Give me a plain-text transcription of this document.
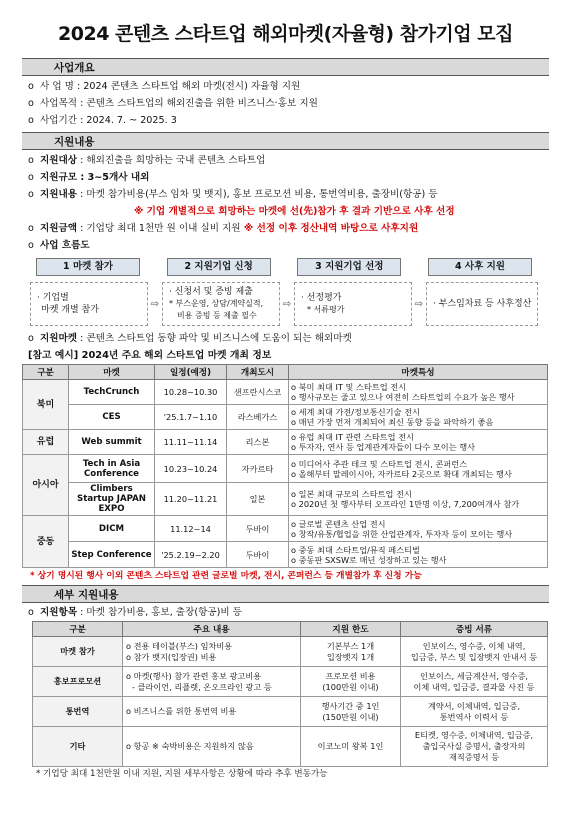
2024 콘텐츠 스타트업 해외마켓(자율형) 참가기업 모집
사업개요
o 사 업 명 : 2024 콘텐츠 스타트업 해외 마켓(전시) 자율형 지원
o 사업목적 : 콘텐츠 스타트업의 해외진출을 위한 비즈니스·홍보 지원
o 사업기간 : 2024. 7. ~ 2025. 3
지원내용
o 지원대상 : 해외진출을 희망하는 국내 콘텐츠 스타트업
o 지원규모 : 3~5개사 내외
o 지원내용 : 마켓 참가비용(부스 임차 및 뱃지), 홍보 프로모션 비용, 통번역비용, 출장비(항공) 등
※ 기업 개별적으로 희망하는 마켓에 선(先)참가 후 결과 기반으로 사후 선정
o 지원금액 : 기업당 최대 1천만 원 이내 실비 지원 ※ 선정 이후 정산내역 바탕으로 사후지원
o 사업 흐름도
1 마켓 참가	2 지원기업 신청	3 지원기업 선정	4 사후 지원
· 기업별
마켓 개별 참가
⇨
· 신청서 및 증빙 제출
* 부스운영, 상담/계약실적,
비용 증빙 등 제출 필수
⇨
· 선정평가
* 서류평가	⇨	· 부스임차료 등 사후정산
o 지원마켓 : 콘텐츠 스타트업 동향 파악 및 비즈니스에 도움이 되는 해외마켓
[참고 예시] 2024년 주요 해외 스타트업 마켓 개최 정보
구분	마켓	일정(예정)	개최도시	마켓특성
북미	TechCrunch	10.28~10.30	샌프란시스코	o 북미 최대 IT 및 스타트업 전시
o 행사규모는 줄고 있으나 여전히 스타트업의 수요가 높은 행사
	CES	'25.1.7~1.10	라스베가스	o 세계 최대 가전/정보통신기술 전시
o 매년 가장 먼저 개최되어 최신 동향 등을 파악하기 좋음
유럽	Web summit	11.11~11.14	리스본	o 유럽 최대 IT 관련 스타트업 전시
o 투자자, 연사 등 업계관계자들이 다수 모이는 행사
아시아	Tech in Asia Conference	10.23~10.24	자카르타	o 미디어사 주관 테크 및 스타트업 전시, 콘퍼런스
o 올해부터 말레이시아, 자카르타 2곳으로 확대 개최되는 행사
	Climbers Startup JAPAN EXPO	11.20~11.21	일본	o 일본 최대 규모의 스타트업 전시
o 2020년 첫 행사부터 오프라인 1만명 이상, 7,200여개사 참가
중동	DICM	11.12~14	두바이	o 글로벌 콘텐츠 산업 전시
o 창작/유통/협업을 위한 산업관계자, 투자자 등이 모이는 행사
	Step Conference	'25.2.19~2.20	두바이	o 중동 최대 스타트업/뮤직 페스티벌
o 중동판 SXSW로 매년 성장하고 있는 행사
* 상기 명시된 행사 이외 콘텐츠 스타트업 관련 글로벌 마켓, 전시, 콘퍼런스 등 개별참가 후 신청 가능
세부 지원내용
o 지원항목 : 마켓 참가비용, 홍보, 출장(항공)비 등
구분	주요 내용	지원 한도	증빙 서류
마켓 참가	o 전용 테이블(부스) 임차비용
o 참가 뱃지(입장권) 비용	기본부스 1개
입장뱃지 1개	인보이스, 영수증, 이체 내역,
입금증, 부스 및 입장뱃지 안내서 등
홍보프로모션	o 마켓(행사) 참가 관련 홍보 광고비용
- 클라이언, 리플렛, 온오프라인 광고 등	프로모션 비용
(100만원 이내)	인보이스, 세금계산서, 영수증,
이체 내역, 입금증, 결과물 사진 등
통번역	o 비즈니스를 위한 통번역 비용	행사기간 중 1인
(150만원 이내)	계약서, 이체내역, 입금증,
통번역사 이력서 등
기타	o 항공 ※ 숙박비용은 지원하지 않음	이코노미 왕복 1인	E티켓, 영수증, 이체내역, 입금증,
출입국사실 증명서, 출장자의
재직증명서 등
* 기업당 최대 1천만원 이내 지원, 지원 세부사항은 상황에 따라 추후 변동가능
